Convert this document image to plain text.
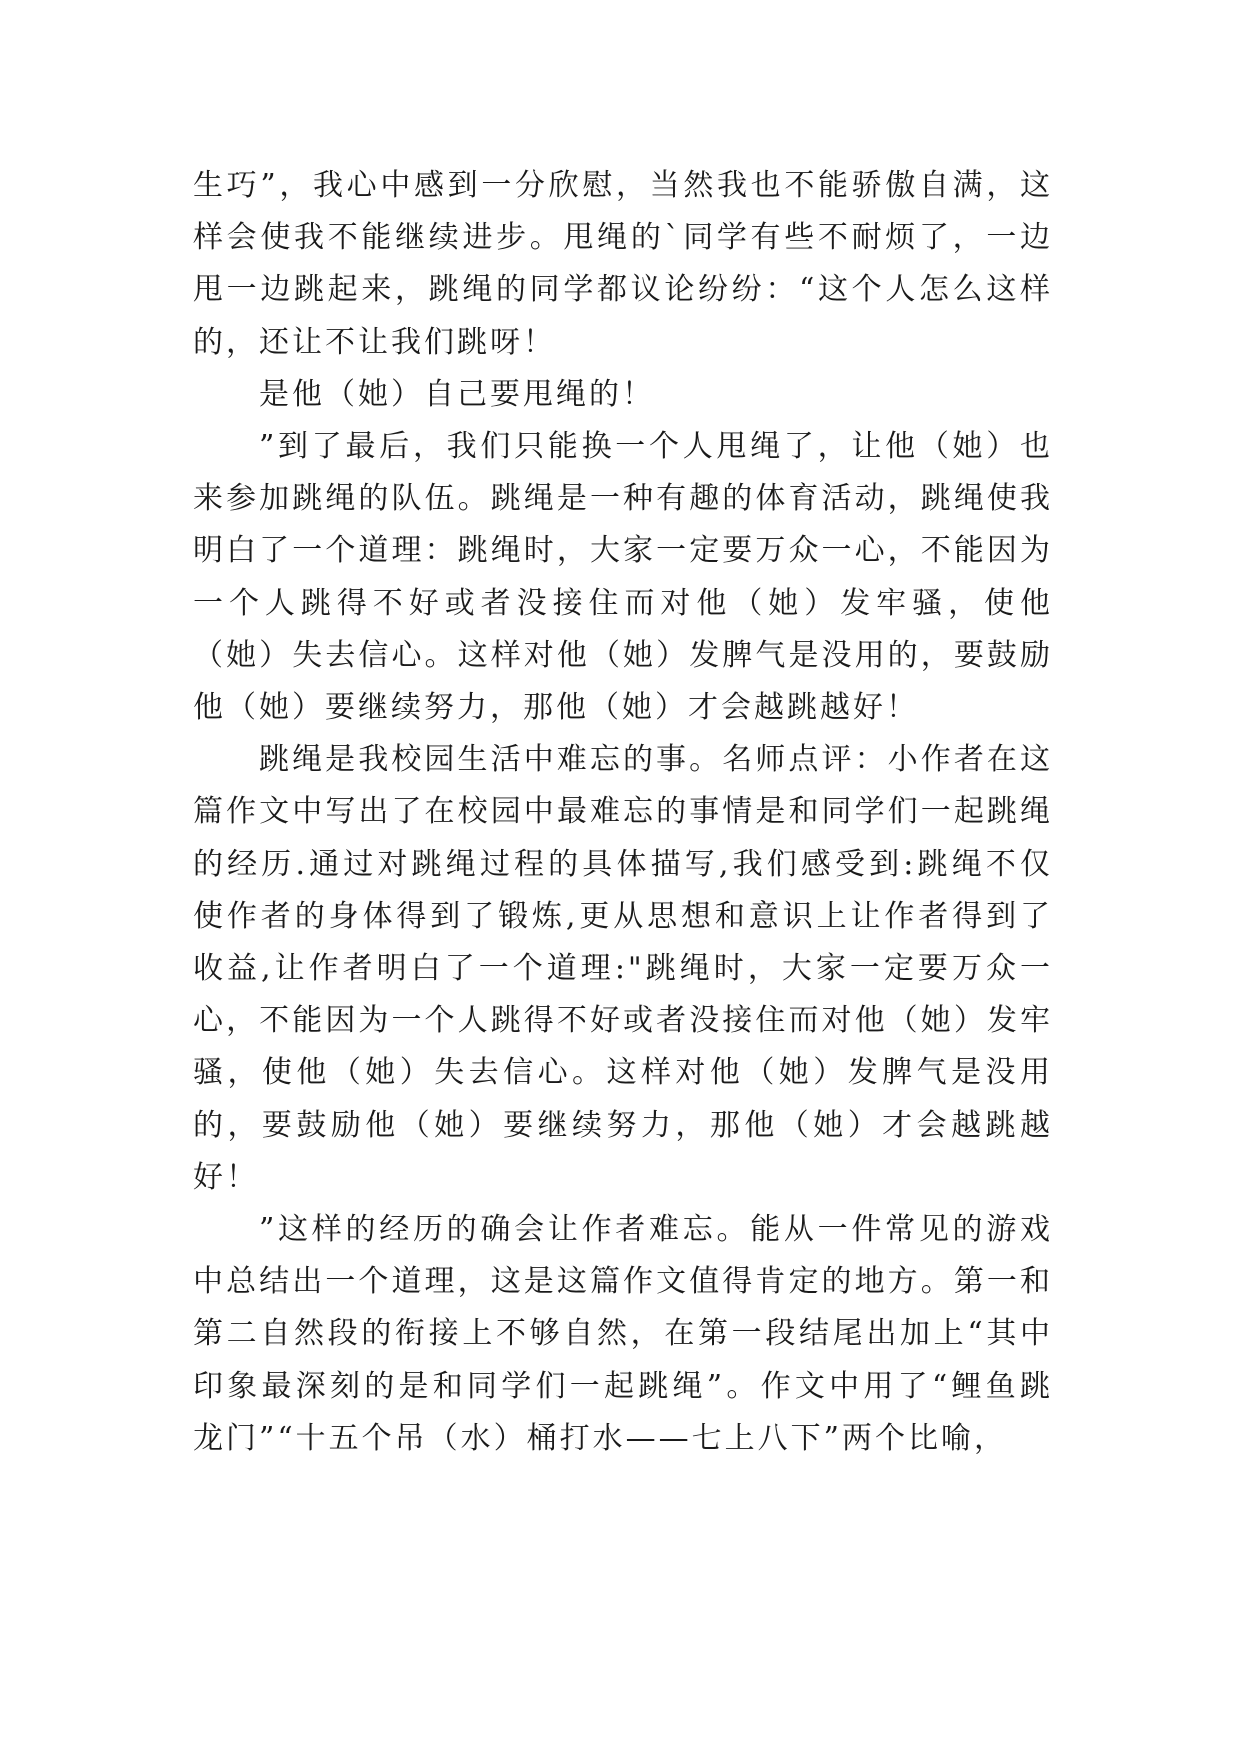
生巧”，我心中感到一分欣慰，当然我也不能骄傲自满，这样会使我不能继续进步。甩绳的`同学有些不耐烦了，一边甩一边跳起来，跳绳的同学都议论纷纷：“这个人怎么这样的，还让不让我们跳呀！

是他（她）自己要甩绳的！

”到了最后，我们只能换一个人甩绳了，让他（她）也来参加跳绳的队伍。跳绳是一种有趣的体育活动，跳绳使我明白了一个道理：跳绳时，大家一定要万众一心，不能因为一个人跳得不好或者没接住而对他（她）发牢骚，使他（她）失去信心。这样对他（她）发脾气是没用的，要鼓励他（她）要继续努力，那他（她）才会越跳越好！

跳绳是我校园生活中难忘的事。名师点评：小作者在这篇作文中写出了在校园中最难忘的事情是和同学们一起跳绳的经历.通过对跳绳过程的具体描写,我们感受到:跳绳不仅使作者的身体得到了锻炼,更从思想和意识上让作者得到了收益,让作者明白了一个道理:"跳绳时，大家一定要万众一心，不能因为一个人跳得不好或者没接住而对他（她）发牢骚，使他（她）失去信心。这样对他（她）发脾气是没用的，要鼓励他（她）要继续努力，那他（她）才会越跳越好！

”这样的经历的确会让作者难忘。能从一件常见的游戏中总结出一个道理，这是这篇作文值得肯定的地方。第一和第二自然段的衔接上不够自然，在第一段结尾出加上“其中印象最深刻的是和同学们一起跳绳”。作文中用了“鲤鱼跳龙门”“十五个吊（水）桶打水——七上八下”两个比喻，
